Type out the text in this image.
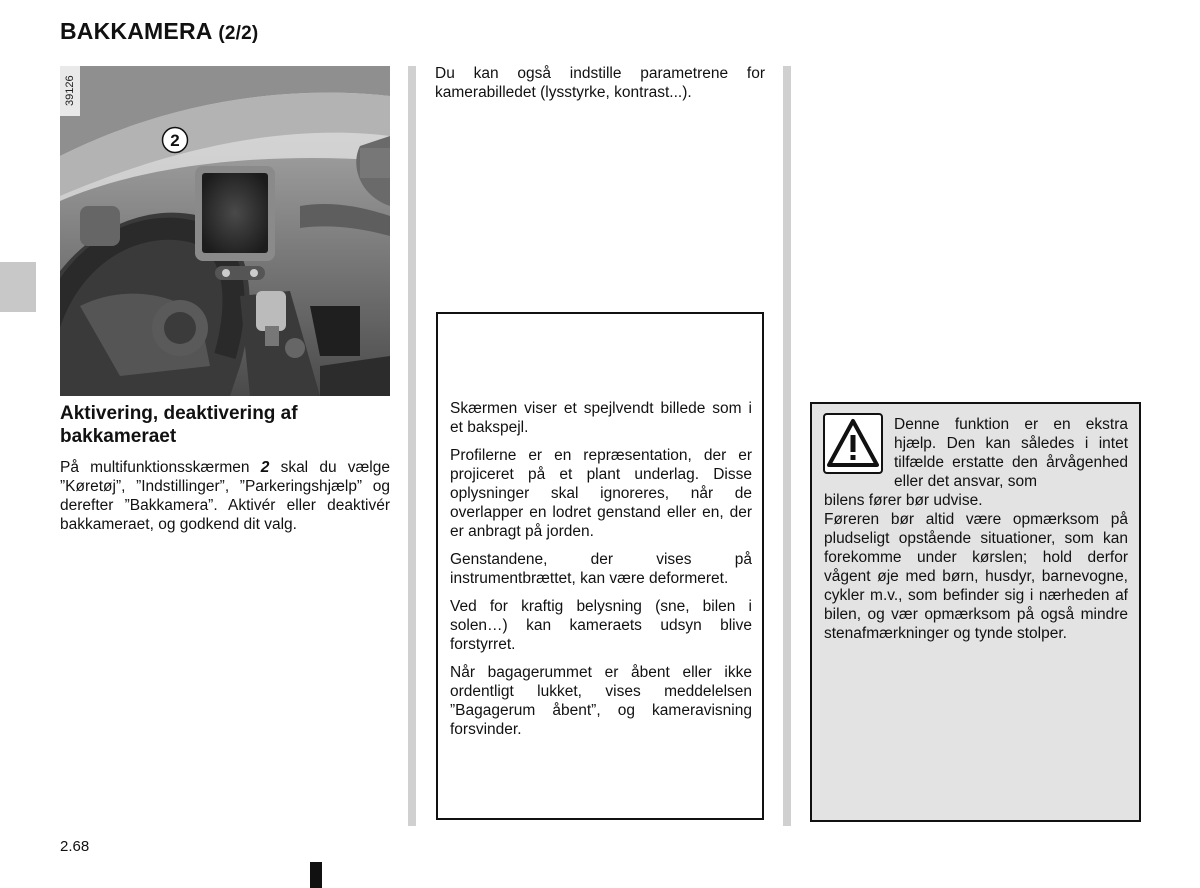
BAKKAMERA (2/2)
39126
2
Aktivering, deaktivering af bakkameraet
På multifunktionsskærmen 2 skal du vælge ”Køretøj”, ”Indstillinger”, ”Parkeringshjælp” og derefter ”Bakkamera”. Aktivér eller deaktivér bakkameraet, og godkend dit valg.
Du kan også indstille parametrene for kamerabilledet (lysstyrke, kontrast...).

Skærmen viser et spejlvendt billede som i et bakspejl.

Profilerne er en repræsentation, der er projiceret på et plant underlag. Disse oplysninger skal ignoreres, når de overlapper en lodret genstand eller en, der er anbragt på jorden.

Genstandene, der vises på instrumentbrættet, kan være deformeret.

Ved for kraftig belysning (sne, bilen i solen…) kan kameraets udsyn blive forstyrret.

Når bagagerummet er åbent eller ikke ordentligt lukket, vises meddelelsen ”Bagagerum åbent”, og kameravisning forsvinder.

Denne funktion er en ekstra hjælp. Den kan således i intet tilfælde erstatte den årvågenhed eller det ansvar, som
bilens fører bør udvise.
Føreren bør altid være opmærksom på pludseligt opstående situationer, som kan forekomme under kørslen; hold derfor vågent øje med børn, husdyr, barnevogne, cykler m.v., som befinder sig i nærheden af bilen, og vær opmærksom på også mindre stenafmærkninger og tynde stolper.
2.68
